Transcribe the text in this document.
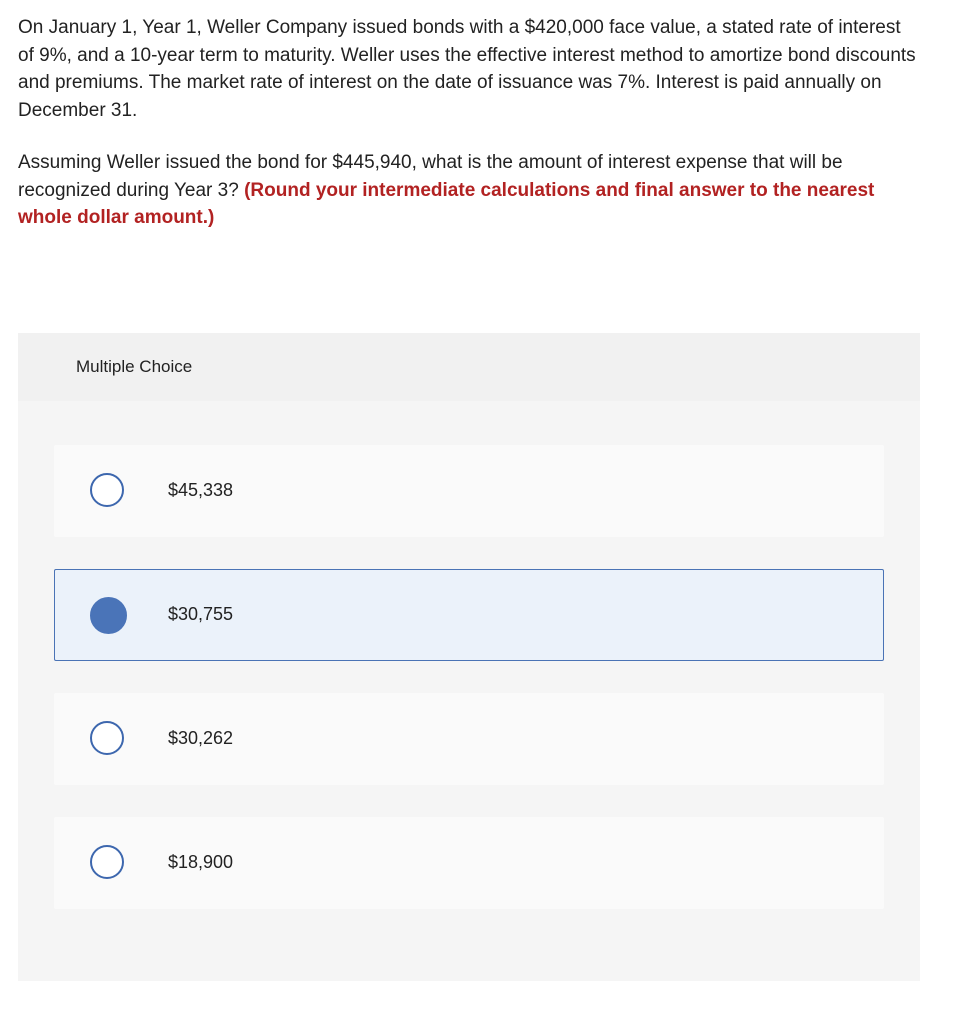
On January 1, Year 1, Weller Company issued bonds with a $420,000 face value, a stated rate of interest of 9%, and a 10-year term to maturity. Weller uses the effective interest method to amortize bond discounts and premiums. The market rate of interest on the date of issuance was 7%. Interest is paid annually on December 31.

Assuming Weller issued the bond for $445,940, what is the amount of interest expense that will be recognized during Year 3? (Round your intermediate calculations and final answer to the nearest whole dollar amount.)

Multiple Choice
$45,338
$30,755
$30,262
$18,900
